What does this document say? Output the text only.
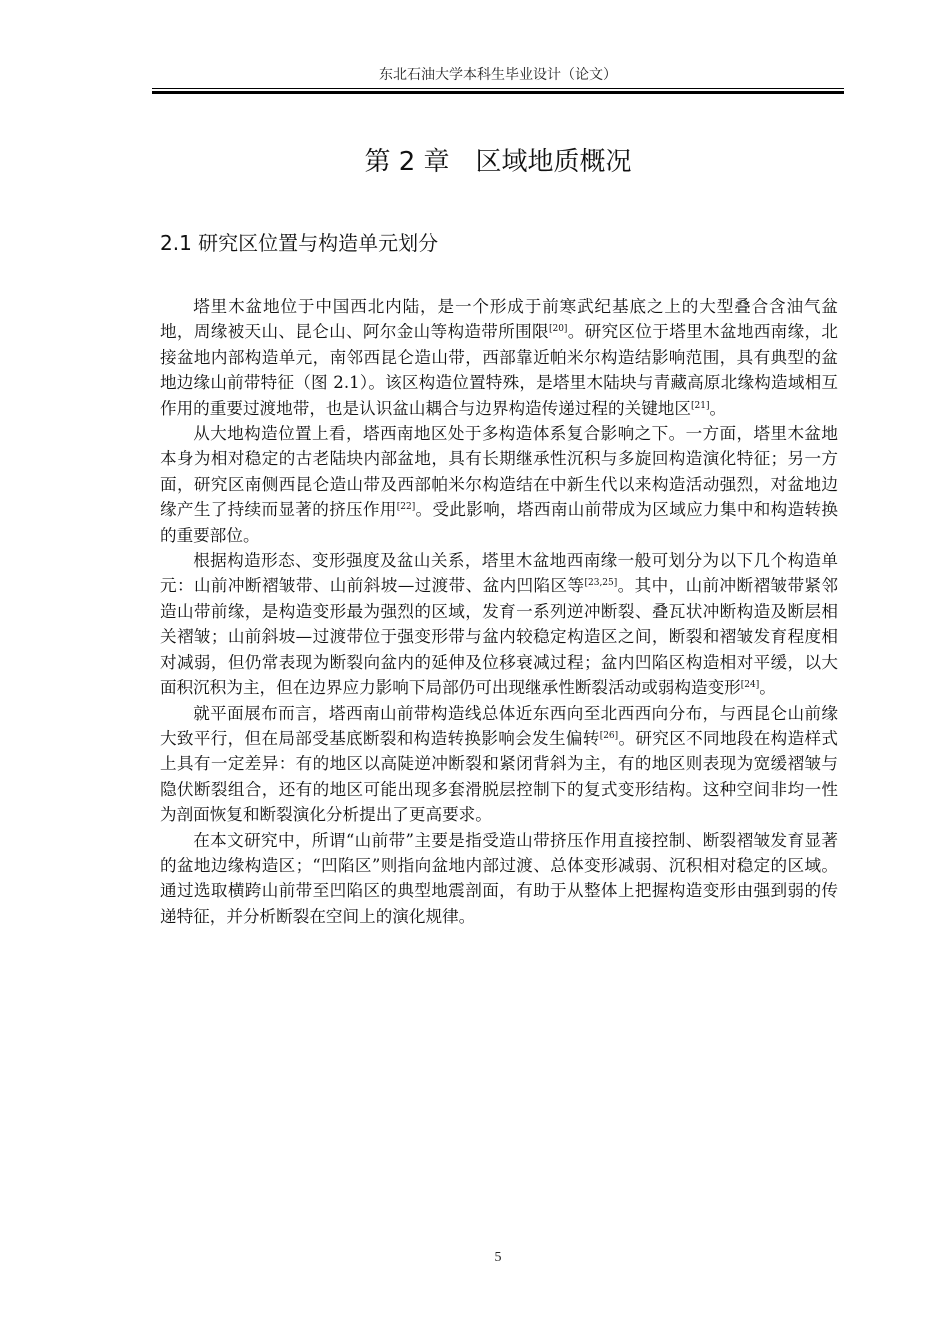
东北石油大学本科生毕业设计（论文）
第 2 章　区域地质概况
2.1 研究区位置与构造单元划分

塔里木盆地位于中国西北内陆，是一个形成于前寒武纪基底之上的大型叠合含油气盆地，周缘被天山、昆仑山、阿尔金山等构造带所围限[20]。研究区位于塔里木盆地西南缘，北接盆地内部构造单元，南邻西昆仑造山带，西部靠近帕米尔构造结影响范围，具有典型的盆地边缘山前带特征（图 2.1）。该区构造位置特殊，是塔里木陆块与青藏高原北缘构造域相互作用的重要过渡地带，也是认识盆山耦合与边界构造传递过程的关键地区[21]。

从大地构造位置上看，塔西南地区处于多构造体系复合影响之下。一方面，塔里木盆地本身为相对稳定的古老陆块内部盆地，具有长期继承性沉积与多旋回构造演化特征；另一方面，研究区南侧西昆仑造山带及西部帕米尔构造结在中新生代以来构造活动强烈，对盆地边缘产生了持续而显著的挤压作用[22]。受此影响，塔西南山前带成为区域应力集中和构造转换的重要部位。

根据构造形态、变形强度及盆山关系，塔里木盆地西南缘一般可划分为以下几个构造单元：山前冲断褶皱带、山前斜坡—过渡带、盆内凹陷区等[23,25]。其中，山前冲断褶皱带紧邻造山带前缘，是构造变形最为强烈的区域，发育一系列逆冲断裂、叠瓦状冲断构造及断层相关褶皱；山前斜坡—过渡带位于强变形带与盆内较稳定构造区之间，断裂和褶皱发育程度相对减弱，但仍常表现为断裂向盆内的延伸及位移衰减过程；盆内凹陷区构造相对平缓，以大面积沉积为主，但在边界应力影响下局部仍可出现继承性断裂活动或弱构造变形[24]。

就平面展布而言，塔西南山前带构造线总体近东西向至北西西向分布，与西昆仑山前缘大致平行，但在局部受基底断裂和构造转换影响会发生偏转[26]。研究区不同地段在构造样式上具有一定差异：有的地区以高陡逆冲断裂和紧闭背斜为主，有的地区则表现为宽缓褶皱与隐伏断裂组合，还有的地区可能出现多套滑脱层控制下的复式变形结构。这种空间非均一性为剖面恢复和断裂演化分析提出了更高要求。

在本文研究中，所谓“山前带”主要是指受造山带挤压作用直接控制、断裂褶皱发育显著的盆地边缘构造区；“凹陷区”则指向盆地内部过渡、总体变形减弱、沉积相对稳定的区域。通过选取横跨山前带至凹陷区的典型地震剖面，有助于从整体上把握构造变形由强到弱的传递特征，并分析断裂在空间上的演化规律。

5
